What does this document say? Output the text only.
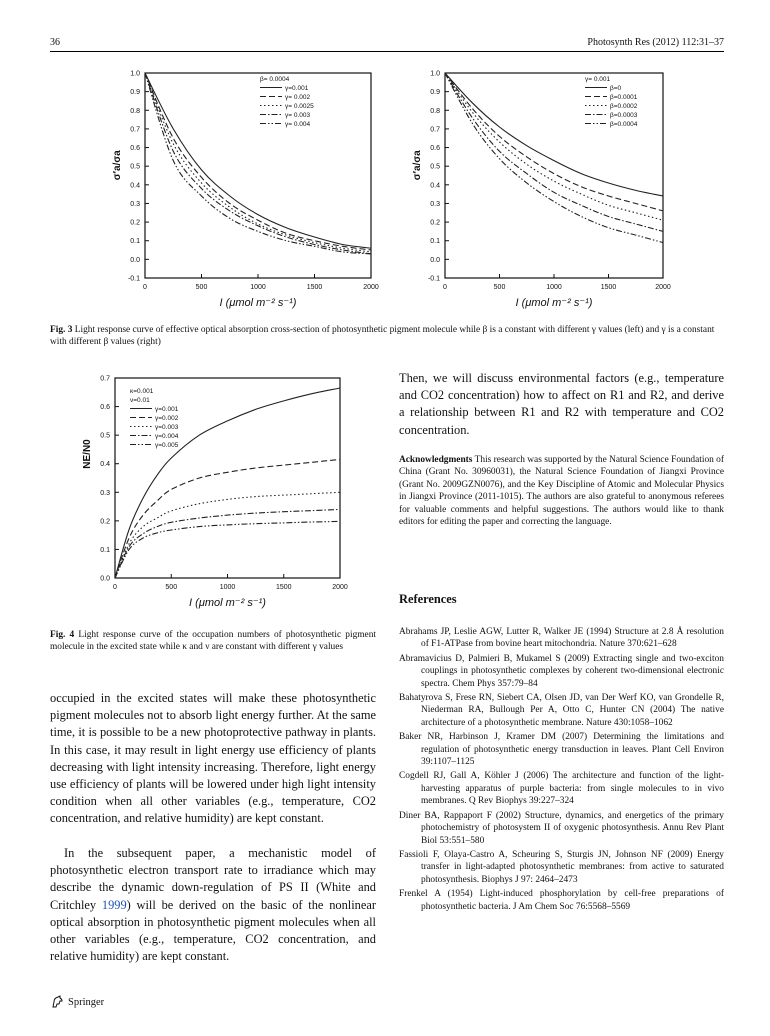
36	Photosynth Res (2012) 112:31–37
-0.1
0.0
0.1
0.2
0.3
0.4
0.5
0.6
0.7
0.8
0.9
1.0
0	500	1000	1500	2000
I (μmol m⁻² s⁻¹)
σ′a/σa
β= 0.0004
γ=0.001
γ= 0.002
γ= 0.0025
γ= 0.003
γ= 0.004
-0.1
0.0
0.1
0.2
0.3
0.4
0.5
0.6
0.7
0.8
0.9
1.0
0	500	1000	1500	2000
I (μmol m⁻² s⁻¹)
σ′a/σa
γ= 0.001
β=0
β=0.0001
β=0.0002
β=0.0003
β=0.0004
Fig. 3 Light response curve of effective optical absorption cross-section of photosynthetic pigment molecule while β is a constant with different γ values (left) and γ is a constant with different β values (right)
0.0
0.1
0.2
0.3
0.4
0.5
0.6
0.7
0	500	1000	1500	2000
I (μmol m⁻² s⁻¹)
NE/N0
κ=0.001
ν=0.01
γ=0.001
γ=0.002
γ=0.003
γ=0.004
γ=0.005
Fig. 4 Light response curve of the occupation numbers of photosynthetic pigment molecule in the excited state while κ and ν are constant with different γ values
occupied in the excited states will make these photosynthetic pigment molecules not to absorb light energy further. At the same time, it is possible to be a new photoprotective pathway in plants. In this case, it may result in light energy use efficiency of plants decreasing with light intensity increasing. Therefore, light energy use efficiency of plants will be lowered under high light intensity condition when all other variables (e.g., temperature, CO2 concentration, and relative humidity) are kept constant.
In the subsequent paper, a mechanistic model of photosynthetic electron transport rate to irradiance which may describe the dynamic down-regulation of PS II (White and Critchley 1999) will be derived on the basic of the nonlinear optical absorption in photosynthetic pigment molecules when all other variables (e.g., temperature, CO2 concentration, and relative humidity) are kept constant.
Then, we will discuss environmental factors (e.g., temperature and CO2 concentration) how to affect on R1 and R2, and derive a relationship between R1 and R2 with temperature and CO2 concentration.
Acknowledgments This research was supported by the Natural Science Foundation of China (Grant No. 30960031), the Natural Science Foundation of Jiangxi Province (Grant No. 2009GZN0076), and the Key Discipline of Atomic and Molecular Physics in Jiangxi Province (2011-1015). The authors are also grateful to anonymous referees for valuable comments and helpful suggestions. The authors would like to thank editors for editing the paper and correcting the language.
References
Abrahams JP, Leslie AGW, Lutter R, Walker JE (1994) Structure at 2.8 Å resolution of F1-ATPase from bovine heart mitochondria. Nature 370:621–628
Abramavicius D, Palmieri B, Mukamel S (2009) Extracting single and two-exciton couplings in photosynthetic complexes by coherent two-dimensional electronic spectra. Chem Phys 357:79–84
Bahatyrova S, Frese RN, Siebert CA, Olsen JD, van Der Werf KO, van Grondelle R, Niederman RA, Bullough Per A, Otto C, Hunter CN (2004) The native architecture of a photosynthetic membrane. Nature 430:1058–1062
Baker NR, Harbinson J, Kramer DM (2007) Determining the limitations and regulation of photosynthetic energy transduction in leaves. Plant Cell Environ 39:1107–1125
Cogdell RJ, Gall A, Köhler J (2006) The architecture and function of the light-harvesting apparatus of purple bacteria: from single molecules to in vivo membranes. Q Rev Biophys 39:227–324
Diner BA, Rappaport F (2002) Structure, dynamics, and energetics of the primary photochemistry of photosystem II of oxygenic photosynthesis. Annu Rev Plant Biol 53:551–580
Fassioli F, Olaya-Castro A, Scheuring S, Sturgis JN, Johnson NF (2009) Energy transfer in light-adapted photosynthetic membranes: from active to saturated photosynthesis. Biophys J 97: 2464–2473
Frenkel A (1954) Light-induced phosphorylation by cell-free preparations of photosynthetic bacteria. J Am Chem Soc 76:5568–5569
Springer
